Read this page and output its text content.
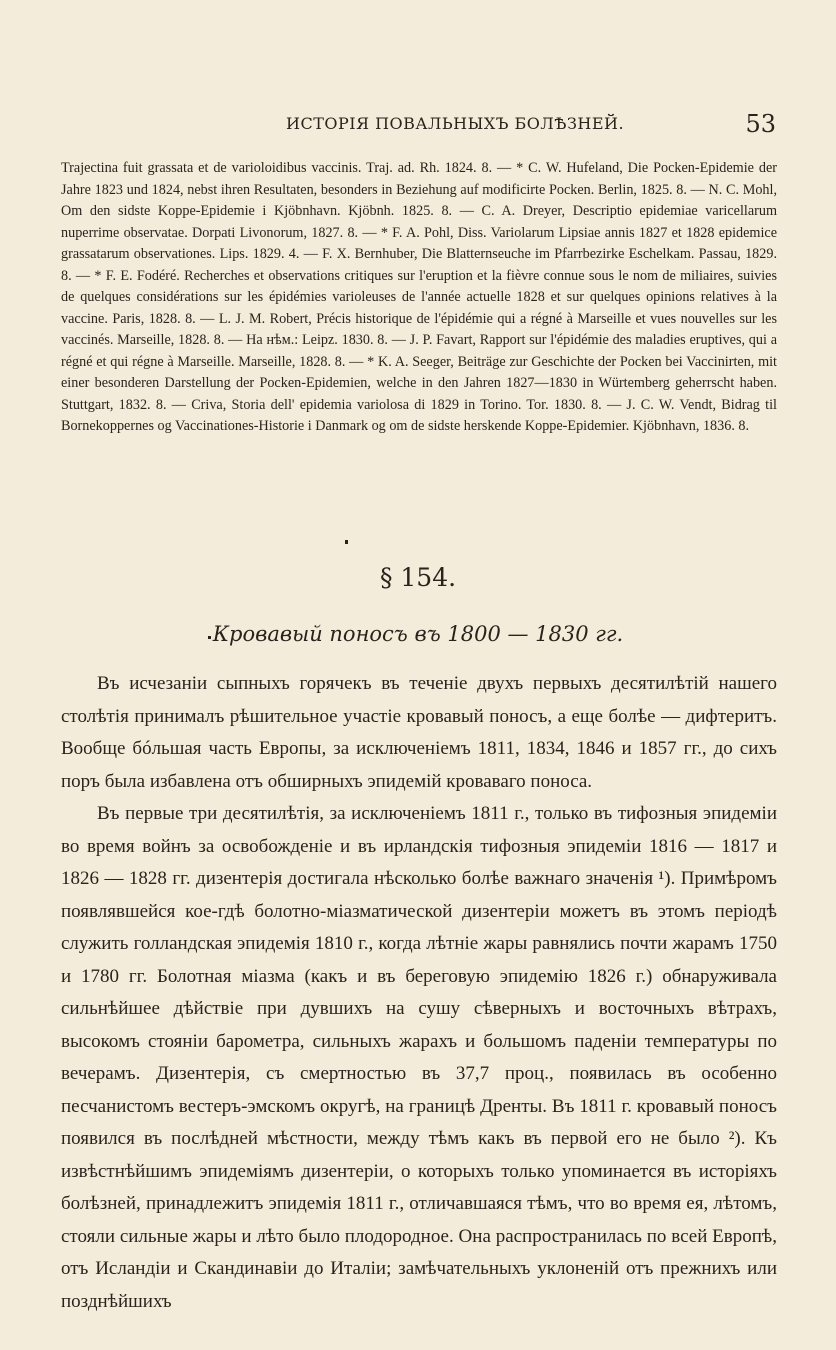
ИСТОРІЯ ПОВАЛЬНЫХЪ БОЛѢЗНЕЙ.	53

Trajectina fuit grassata et de varioloidibus vaccinis. Traj. ad. Rh. 1824. 8. — * C. W. Hufeland, Die Pocken-Epidemie der Jahre 1823 und 1824, nebst ihren Resultaten, besonders in Beziehung auf modificirte Pocken. Berlin, 1825. 8. — N. C. Mohl, Om den sidste Koppe-Epidemie i Kjöbnhavn. Kjöbnh. 1825. 8. — C. A. Dreyer, Descriptio epidemiae varicellarum nuperrime observatae. Dorpati Livonorum, 1827. 8. — * F. A. Pohl, Diss. Variolarum Lipsiae annis 1827 et 1828 epidemice grassatarum observationes. Lips. 1829. 4. — F. X. Bernhuber, Die Blatternseuche im Pfarrbezirke Eschelkam. Passau, 1829. 8. — * F. E. Fodéré. Recherches et observations critiques sur l'eruption et la fièvre connue sous le nom de miliaires, suivies de quelques considérations sur les épidémies varioleuses de l'année actuelle 1828 et sur quelques opinions relatives à la vaccine. Paris, 1828. 8. — L. J. M. Robert, Précis historique de l'épidémie qui a régné à Marseille et vues nouvelles sur les vaccinés. Marseille, 1828. 8. — На нѣм.: Leipz. 1830. 8. — J. P. Favart, Rapport sur l'épidémie des maladies eruptives, qui a régné et qui régne à Marseille. Marseille, 1828. 8. — * K. A. Seeger, Beiträge zur Geschichte der Pocken bei Vaccinirten, mit einer besonderen Darstellung der Pocken-Epidemien, welche in den Jahren 1827—1830 in Würtemberg geherrscht haben. Stuttgart, 1832. 8. — Criva, Storia dell' epidemia variolosa di 1829 in Torino. Tor. 1830. 8. — J. C. W. Vendt, Bidrag til Bornekoppernes og Vaccinationes-Historie i Danmark og om de sidste herskende Koppe-Epidemier. Kjöbnhavn, 1836. 8.

§ 154.
Кровавый поносъ въ 1800 — 1830 гг.

Въ исчезаніи сыпныхъ горячекъ въ теченіе двухъ первыхъ десятилѣтій нашего столѣтія принималъ рѣшительное участіе кровавый поносъ, а еще болѣе — дифтеритъ. Вообще бóльшая часть Европы, за исключеніемъ 1811, 1834, 1846 и 1857 гг., до сихъ поръ была избавлена отъ обширныхъ эпидемій кроваваго поноса.

Въ первые три десятилѣтія, за исключеніемъ 1811 г., только въ тифозныя эпидеміи во время войнъ за освобожденіе и въ ирландскія тифозныя эпидеміи 1816 — 1817 и 1826 — 1828 гг. дизентерія достигала нѣсколько болѣе важнаго значенія ¹). Примѣромъ появлявшейся кое-гдѣ болотно-міазматической дизентеріи можетъ въ этомъ періодѣ служить голландская эпидемія 1810 г., когда лѣтніе жары равнялись почти жарамъ 1750 и 1780 гг. Болотная міазма (какъ и въ береговую эпидемію 1826 г.) обнаруживала сильнѣйшее дѣйствіе при дувшихъ на сушу сѣверныхъ и восточныхъ вѣтрахъ, высокомъ стояніи барометра, сильныхъ жарахъ и большомъ паденіи температуры по вечерамъ. Дизентерія, съ смертностью въ 37,7 проц., появилась въ особенно песчанистомъ вестеръ-эмскомъ округѣ, на границѣ Дренты. Въ 1811 г. кровавый поносъ появился въ послѣдней мѣстности, между тѣмъ какъ въ первой его не было ²). Къ извѣстнѣйшимъ эпидеміямъ дизентеріи, о которыхъ только упоминается въ исторіяхъ болѣзней, принадлежитъ эпидемія 1811 г., отличавшаяся тѣмъ, что во время ея, лѣтомъ, стояли сильные жары и лѣто было плодородное. Она распространилась по всей Европѣ, отъ Исландіи и Скандинавіи до Италіи; замѣчательныхъ уклоненій отъ прежнихъ или позднѣйшихъ
